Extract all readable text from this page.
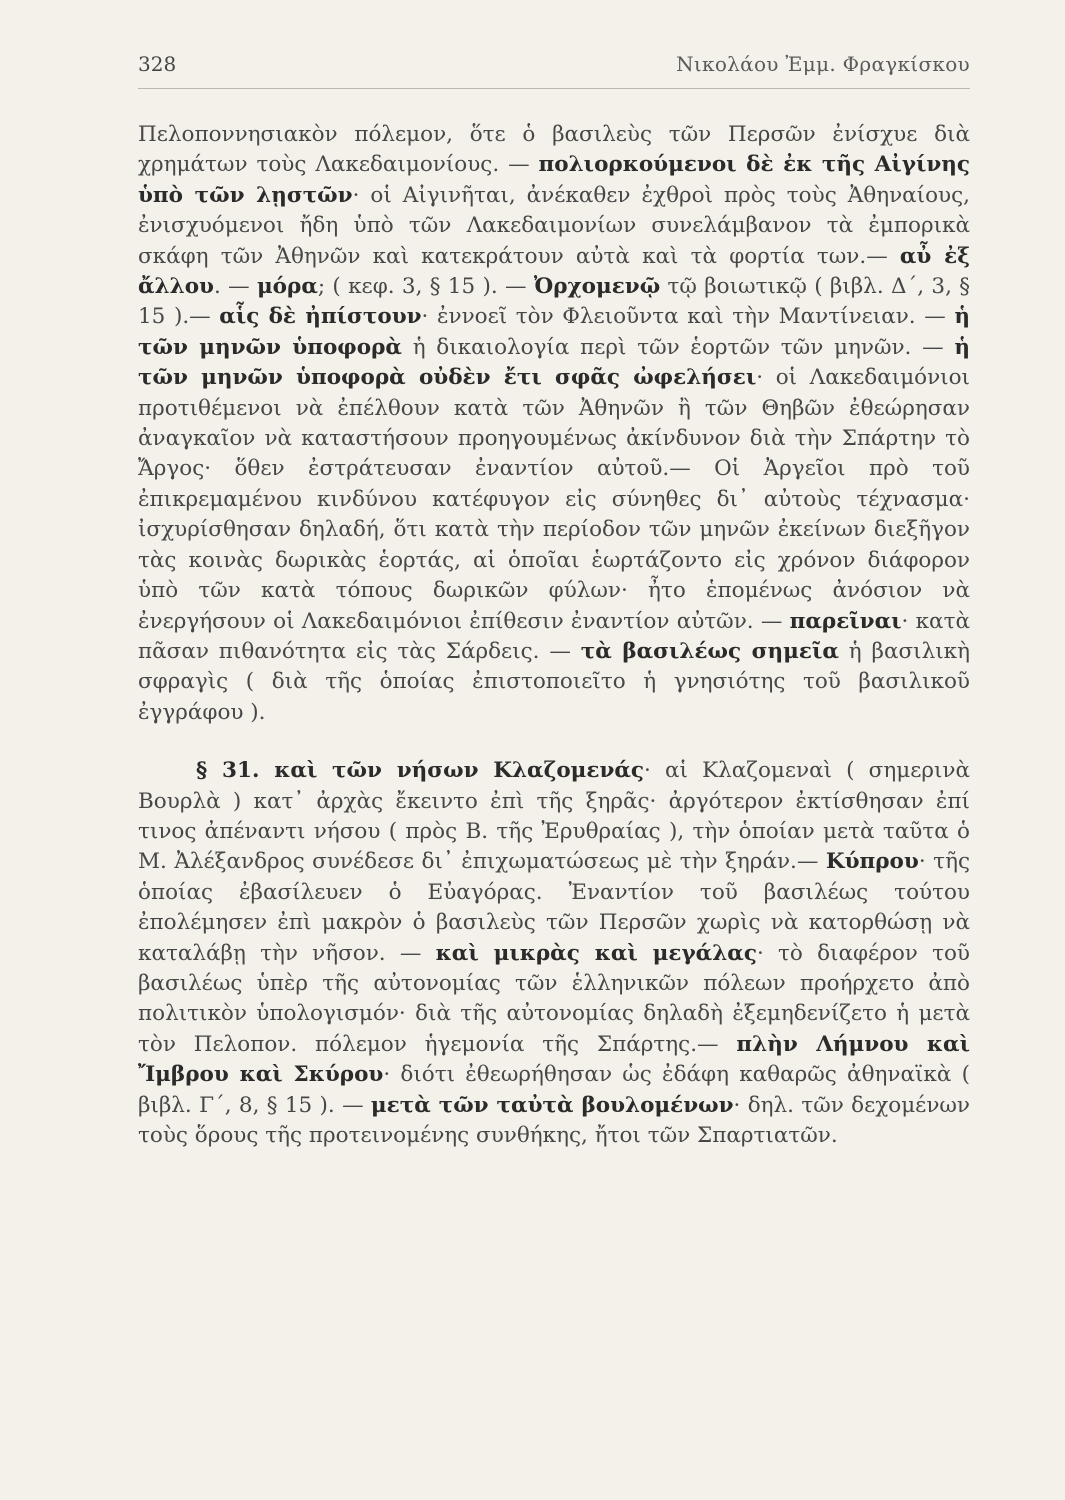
328	Νικολάου Ἐμμ. Φραγκίσκου

Πελοποννησιακὸν πόλεμον, ὅτε ὁ βασιλεὺς τῶν Περσῶν ἐνίσχυε διὰ χρημάτων τοὺς Λακεδαιμονίους. — πολιορκούμενοι δὲ ἐκ τῆς Αἰγίνης ὑπὸ τῶν λῃστῶν· οἱ Αἰγινῆται, ἀνέκαθεν ἐχθροὶ πρὸς τοὺς Ἀθηναίους, ἐνισχυόμενοι ἤδη ὑπὸ τῶν Λακεδαιμονίων συνελάμβανον τὰ ἐμπορικὰ σκάφη τῶν Ἀθηνῶν καὶ κατεκράτουν αὐτὰ καὶ τὰ φορτία των.— αὖ ἐξ ἄλλου. — μόρα; ( κεφ. 3, § 15 ). — Ὀρχομενῷ τῷ βοιωτικῷ ( βιβλ. Δ΄, 3, § 15 ).— αἷς δὲ ἠπίστουν· ἐννοεῖ τὸν Φλειοῦντα καὶ τὴν Μαντίνειαν. — ἡ τῶν μηνῶν ὑποφορὰ ἡ δικαιολογία περὶ τῶν ἑορτῶν τῶν μηνῶν. — ἡ τῶν μηνῶν ὑποφορὰ οὐδὲν ἔτι σφᾶς ὠφελήσει· οἱ Λακεδαιμόνιοι προτιθέμενοι νὰ ἐπέλθουν κατὰ τῶν Ἀθηνῶν ἢ τῶν Θηβῶν ἐθεώρησαν ἀναγκαῖον νὰ καταστήσουν προηγουμένως ἀκίνδυνον διὰ τὴν Σπάρτην τὸ Ἄργος· ὅθεν ἐστράτευσαν ἐναντίον αὐτοῦ.— Οἱ Ἀργεῖοι πρὸ τοῦ ἐπικρεμαμένου κινδύνου κατέφυγον εἰς σύνηθες δι᾽ αὐτοὺς τέχνασμα· ἰσχυρίσθησαν δηλαδή, ὅτι κατὰ τὴν περίοδον τῶν μηνῶν ἐκείνων διεξῆγον τὰς κοινὰς δωρικὰς ἑορτάς, αἱ ὁποῖαι ἑωρτάζοντο εἰς χρόνον διάφορον ὑπὸ τῶν κατὰ τόπους δωρικῶν φύλων· ἦτο ἑπομένως ἀνόσιον νὰ ἐνεργήσουν οἱ Λακεδαιμόνιοι ἐπίθεσιν ἐναντίον αὐτῶν. — παρεῖναι· κατὰ πᾶσαν πιθανότητα εἰς τὰς Σάρδεις. — τὰ βασιλέως σημεῖα ἡ βασιλικὴ σφραγὶς ( διὰ τῆς ὁποίας ἐπιστοποιεῖτο ἡ γνησιότης τοῦ βασιλικοῦ ἐγγράφου ).

§ 31. καὶ τῶν νήσων Κλαζομενάς· αἱ Κλαζομεναὶ ( σημερινὰ Βουρλὰ ) κατ᾽ ἀρχὰς ἔκειντο ἐπὶ τῆς ξηρᾶς· ἀργότερον ἐκτίσθησαν ἐπί τινος ἀπέναντι νήσου ( πρὸς Β. τῆς Ἐρυθραίας ), τὴν ὁποίαν μετὰ ταῦτα ὁ Μ. Ἀλέξανδρος συνέδεσε δι᾽ ἐπιχωματώσεως μὲ τὴν ξηράν.— Κύπρου· τῆς ὁποίας ἐβασίλευεν ὁ Εὐαγόρας. Ἐναντίον τοῦ βασιλέως τούτου ἐπολέμησεν ἐπὶ μακρὸν ὁ βασιλεὺς τῶν Περσῶν χωρὶς νὰ κατορθώσῃ νὰ καταλάβῃ τὴν νῆσον. — καὶ μικρὰς καὶ μεγάλας· τὸ διαφέρον τοῦ βασιλέως ὑπὲρ τῆς αὐτονομίας τῶν ἑλληνικῶν πόλεων προήρχετο ἀπὸ πολιτικὸν ὑπολογισμόν· διὰ τῆς αὐτονομίας δηλαδὴ ἐξεμηδενίζετο ἡ μετὰ τὸν Πελοπον. πόλεμον ἡγεμονία τῆς Σπάρτης.— πλὴν Λήμνου καὶ Ἴμβρου καὶ Σκύρου· διότι ἐθεωρήθησαν ὡς ἐδάφη καθαρῶς ἀθηναϊκὰ ( βιβλ. Γ΄, 8, § 15 ). — μετὰ τῶν ταὐτὰ βουλομένων· δηλ. τῶν δεχομένων τοὺς ὅρους τῆς προτεινομένης συνθήκης, ἤτοι τῶν Σπαρτιατῶν.
